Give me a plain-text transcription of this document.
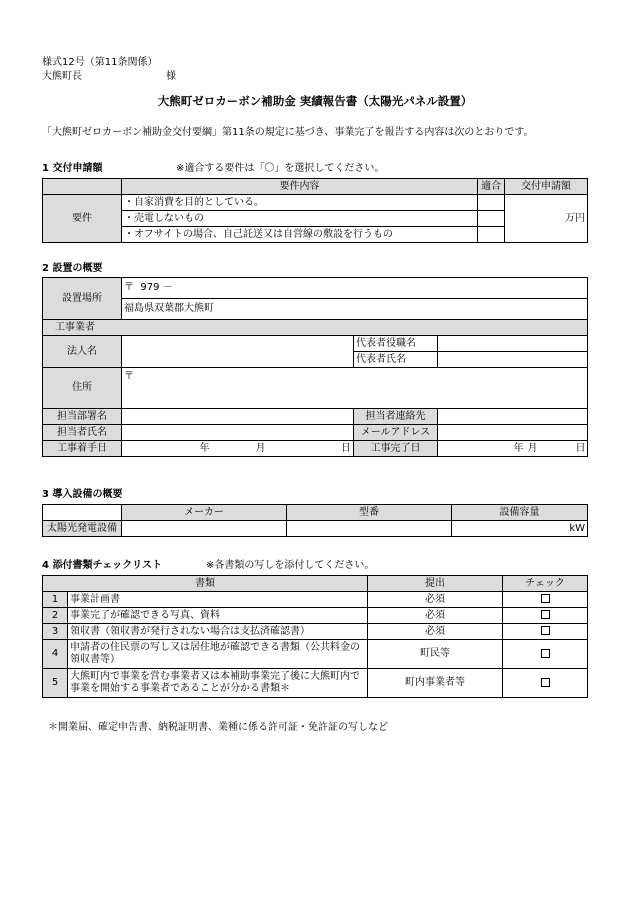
様式12号（第11条関係）
大熊町長	様
大熊町ゼロカーボン補助金 実績報告書（太陽光パネル設置）
「大熊町ゼロカーボン補助金交付要綱」第11条の規定に基づき、事業完了を報告する内容は次のとおりです。
1 交付申請額	※適合する要件は「〇」を選択してください。
	要件内容	適合	交付申請額
要件	・自家消費を目的としている。		万円
	・売電しないもの		
	・オフサイトの場合、自己託送又は自営線の敷設を行うもの		
2 設置の概要
設置場所	〒 979 －					
	福島県双葉郡大熊町					
工事業者						
法人名				代表者役職名		
				代表者氏名		
住所	〒					
担当部署名				担当者連絡先		
担当者氏名				メールアドレス		
工事着手日	年	月	日	工事完了日	年	月 日
3 導入設備の概要
	メーカー	型番	設備容量
太陽光発電設備			kW
4 添付書類チェックリスト	※各書類の写しを添付してください。
書類		提出	チェック
1	事業計画書	必須	
2	事業完了が確認できる写真、資料	必須	
3	領収書（領収書が発行されない場合は支払済確認書）	必須	
4	申請者の住民票の写し又は居住地が確認できる書類（公共料金の領収書等）	町民等	
5	大熊町内で事業を営む事業者又は本補助事業完了後に大熊町内で事業を開始する事業者であることが分かる書類＊	町内事業者等	
＊開業届、確定申告書、納税証明書、業種に係る許可証・免許証の写しなど
